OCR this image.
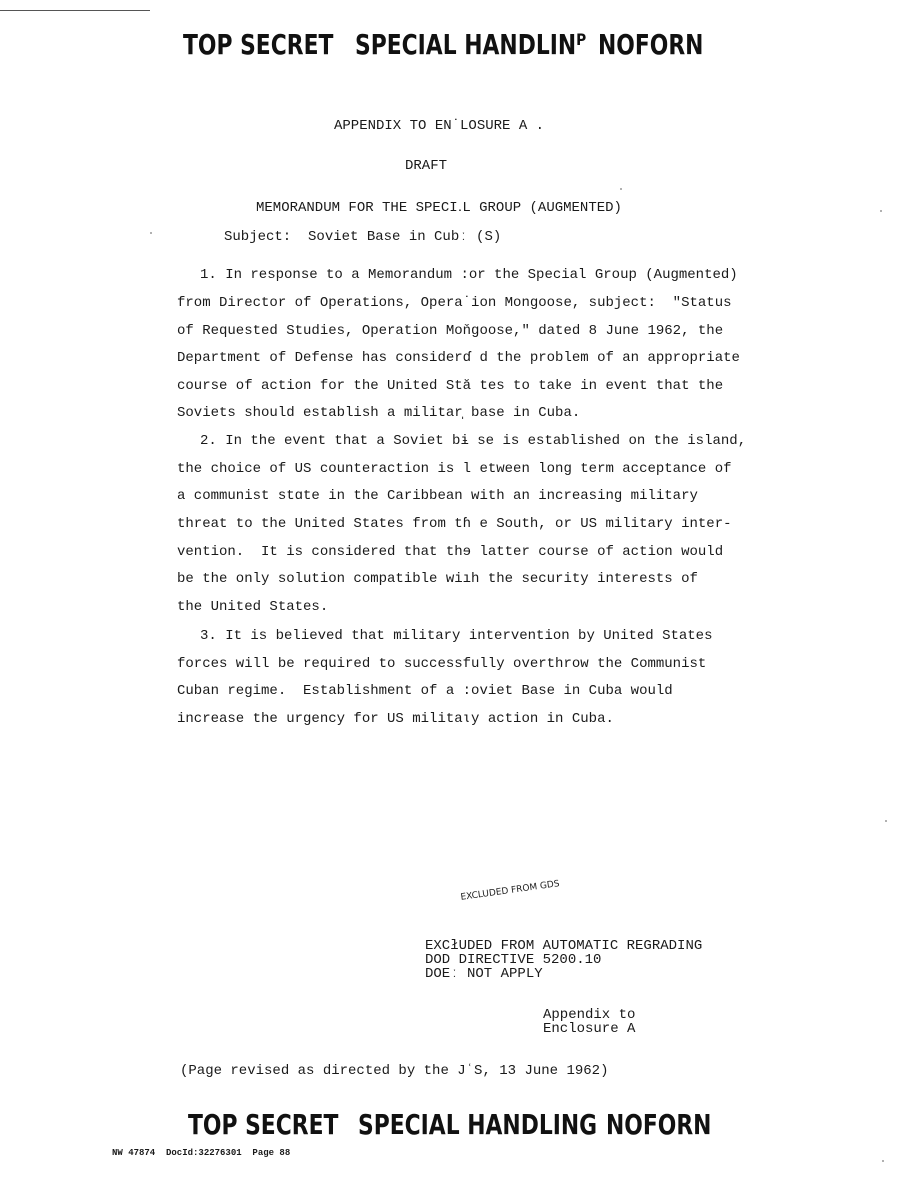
TOP SECRET SPECIAL HANDLINᴾ NOFORN
APPENDIX TO EN˙LOSURE A .
DRAFT
MEMORANDUM FOR THE SPECI․L GROUP (AUGMENTED)
Subject:  Soviet Base in Cubː (S)
1. In response to a Memorandum :or the Special Group (Augmented)
from Director of Operations, Opera˙ion Mongoose, subject:  "Status
of Requested Studies, Operation Moňgoose," dated 8 June 1962, the
Department of Defense has considerɗ d the problem of an appropriate
course of action for the United Stă tes to take in event that the
Soviets should establish a militar̩ base in Cuba.
2. In the event that a Soviet bɨ se is established on the island,
the choice of US counteraction is l etween long term acceptance of
a communist stɑte in the Caribbean with an increasing military
threat to the United States from tɦ e South, or US military inter-
vention.  It is considered that thɘ latter course of action would
be the only solution compatible wiıh the security interests of
the United States.
3. It is believed that military intervention by United States
forces will be required to successfully overthrow the Communist
Cuban regime.  Establishment of a :oviet Base in Cuba would
increase the urgency for US militaɩy action in Cuba.
EXCLUDED FROM GDS
EXCłUDED FROM AUTOMATIC REGRADING
DOD DIRECTIVE 5200.10
DOEː NOT APPLY
Appendix to
Enclosure A
(Page revised as directed by the JʿS, 13 June 1962)
TOP SECRET SPECIAL HANDLING NOFORN
NW 47874  DocId:32276301  Page 88
